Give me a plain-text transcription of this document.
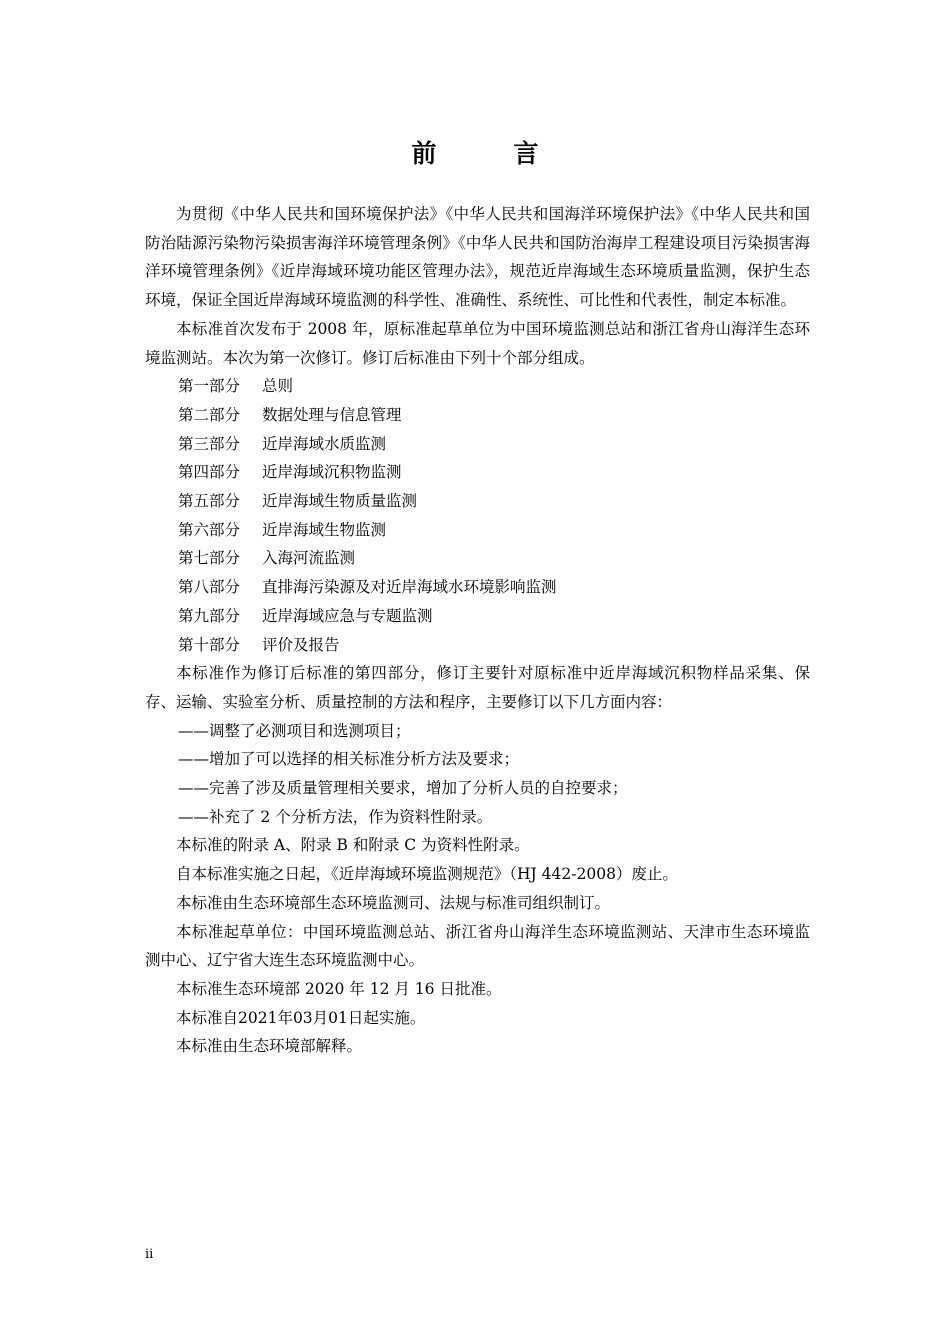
前　言

为贯彻《中华人民共和国环境保护法》《中华人民共和国海洋环境保护法》《中华人民共和国防治陆源污染物污染损害海洋环境管理条例》《中华人民共和国防治海岸工程建设项目污染损害海洋环境管理条例》《近岸海域环境功能区管理办法》，规范近岸海域生态环境质量监测，保护生态环境，保证全国近岸海域环境监测的科学性、准确性、系统性、可比性和代表性，制定本标准。

本标准首次发布于 2008 年，原标准起草单位为中国环境监测总站和浙江省舟山海洋生态环境监测站。本次为第一次修订。修订后标准由下列十个部分组成。

第一部分 总则

第二部分 数据处理与信息管理

第三部分 近岸海域水质监测

第四部分 近岸海域沉积物监测

第五部分 近岸海域生物质量监测

第六部分 近岸海域生物监测

第七部分 入海河流监测

第八部分 直排海污染源及对近岸海域水环境影响监测

第九部分 近岸海域应急与专题监测

第十部分 评价及报告

本标准作为修订后标准的第四部分，修订主要针对原标准中近岸海域沉积物样品采集、保存、运输、实验室分析、质量控制的方法和程序，主要修订以下几方面内容：

——调整了必测项目和选测项目；

——增加了可以选择的相关标准分析方法及要求；

——完善了涉及质量管理相关要求，增加了分析人员的自控要求；

——补充了 2 个分析方法，作为资料性附录。

本标准的附录 A、附录 B 和附录 C 为资料性附录。

自本标准实施之日起，《近岸海域环境监测规范》（HJ 442-2008）废止。

本标准由生态环境部生态环境监测司、法规与标准司组织制订。

本标准起草单位：中国环境监测总站、浙江省舟山海洋生态环境监测站、天津市生态环境监测中心、辽宁省大连生态环境监测中心。

本标准生态环境部 2020 年 12 月 16 日批准。

本标准自2021年03月01日起实施。

本标准由生态环境部解释。

ii
